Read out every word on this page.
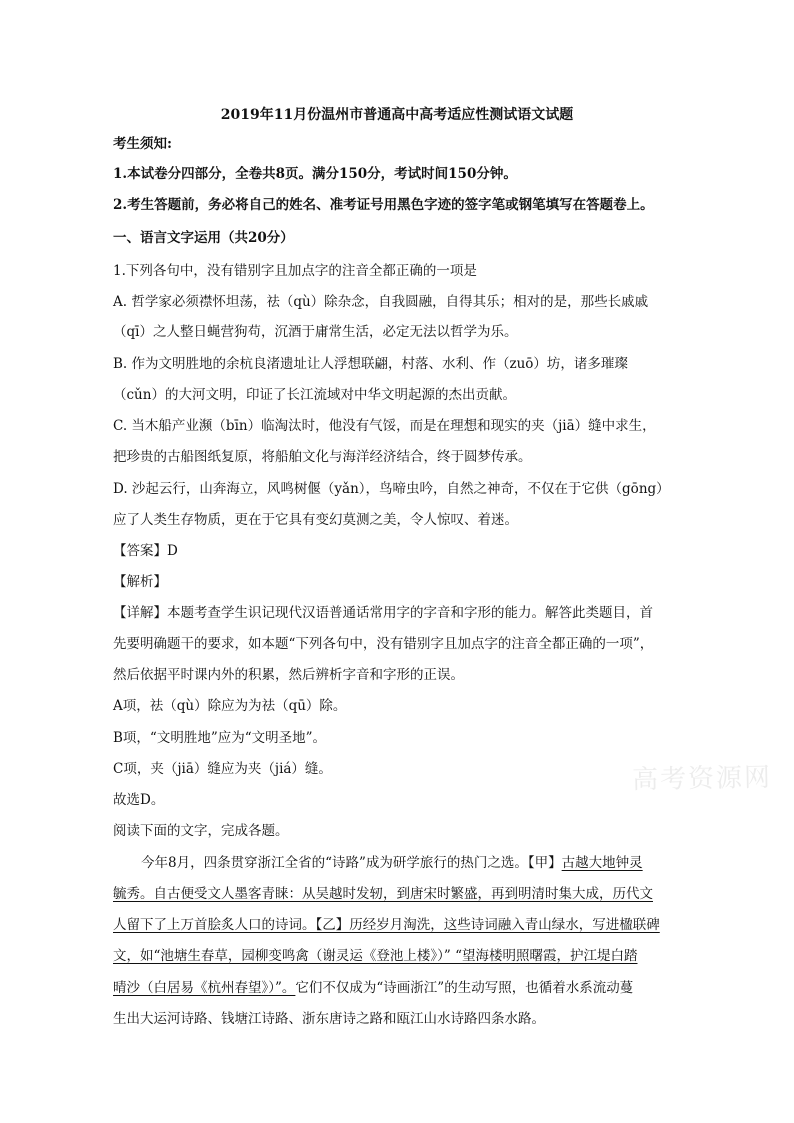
2019年11月份温州市普通高中高考适应性测试语文试题
考生须知:
1.本试卷分四部分，全卷共8页。满分150分，考试时间150分钟。
2.考生答题前，务必将自己的姓名、准考证号用黑色字迹的签字笔或钢笔填写在答题卷上。
一、语言文字运用（共20分）
1.下列各句中，没有错别字且加点字的注音全都正确的一项是
A. 哲学家必须襟怀坦荡，祛（qù）除杂念，自我圆融，自得其乐；相对的是，那些长戚戚
（qī）之人整日蝇营狗苟，沉酒于庸常生活，必定无法以哲学为乐。
B. 作为文明胜地的余杭良渚遗址让人浮想联翩，村落、水利、作（zuō）坊，诸多璀璨
（cǔn）的大河文明，印证了长江流域对中华文明起源的杰出贡献。
C. 当木船产业濒（bīn）临淘汰时，他没有气馁，而是在理想和现实的夹（jiā）缝中求生，
把珍贵的古船图纸复原，将船舶文化与海洋经济结合，终于圆梦传承。
D. 沙起云行，山奔海立，风鸣树偃（yǎn），鸟啼虫吟，自然之神奇，不仅在于它供（gōng）
应了人类生存物质，更在于它具有变幻莫测之美，令人惊叹、着迷。
【答案】D
【解析】
【详解】本题考查学生识记现代汉语普通话常用字的字音和字形的能力。解答此类题目，首
先要明确题干的要求，如本题“下列各句中，没有错别字且加点字的注音全都正确的一项”，
然后依据平时课内外的积累，然后辨析字音和字形的正误。
A项，祛（qù）除应为为祛（qū）除。
B项，“文明胜地”应为“文明圣地”。
C项，夹（jiā）缝应为夹（jiá）缝。
故选D。
阅读下面的文字，完成各题。
今年8月，四条贯穿浙江全省的“诗路”成为研学旅行的热门之选。【甲】古越大地钟灵
毓秀。自古便受文人墨客青睐：从吴越时发轫，到唐宋时繁盛，再到明清时集大成，历代文
人留下了上万首脍炙人口的诗词。【乙】历经岁月淘洗，这些诗词融入青山绿水，写进楹联碑
文，如“池塘生春草，园柳变鸣禽（谢灵运《登池上楼》）” “望海楼明照曙霞，护江堤白踏
晴沙（白居易《杭州春望》）”。它们不仅成为“诗画浙江”的生动写照，也循着水系流动蔓
生出大运河诗路、钱塘江诗路、浙东唐诗之路和瓯江山水诗路四条水路。
高考资源网
